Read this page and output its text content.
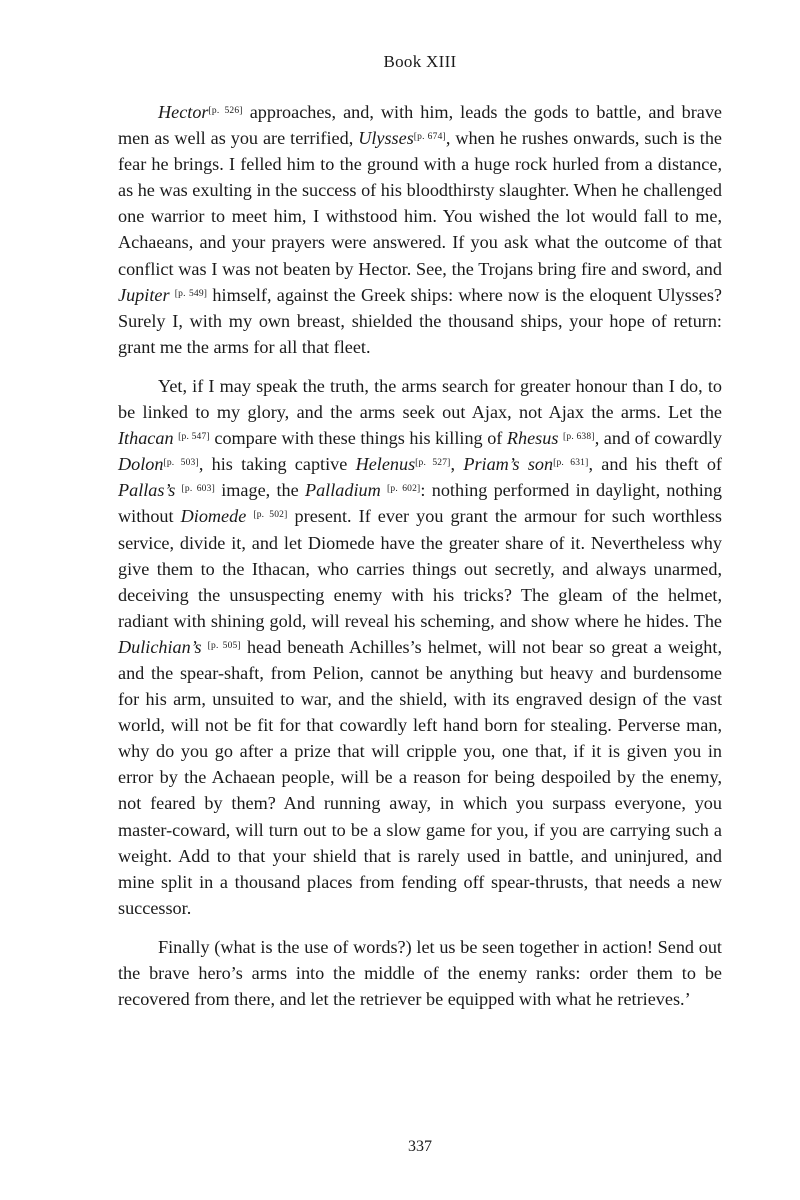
Book XIII

Hector[p. 526] approaches, and, with him, leads the gods to battle, and brave men as well as you are terrified, Ulysses[p. 674], when he rushes onwards, such is the fear he brings. I felled him to the ground with a huge rock hurled from a distance, as he was exulting in the success of his bloodthirsty slaughter. When he challenged one warrior to meet him, I withstood him. You wished the lot would fall to me, Achaeans, and your prayers were answered. If you ask what the outcome of that conflict was I was not beaten by Hector. See, the Trojans bring fire and sword, and Jupiter [p. 549] himself, against the Greek ships: where now is the eloquent Ulysses? Surely I, with my own breast, shielded the thousand ships, your hope of return: grant me the arms for all that fleet.

Yet, if I may speak the truth, the arms search for greater honour than I do, to be linked to my glory, and the arms seek out Ajax, not Ajax the arms. Let the Ithacan [p. 547] compare with these things his killing of Rhesus [p. 638], and of cowardly Dolon[p. 503], his taking captive Helenus[p. 527], Priam’s son[p. 631], and his theft of Pallas’s [p. 603] image, the Palladium [p. 602]: nothing performed in daylight, nothing without Diomede [p. 502] present. If ever you grant the armour for such worthless service, divide it, and let Diomede have the greater share of it. Nevertheless why give them to the Ithacan, who carries things out secretly, and always unarmed, deceiving the unsuspecting enemy with his tricks? The gleam of the helmet, radiant with shining gold, will reveal his scheming, and show where he hides. The Dulichian’s [p. 505] head beneath Achilles’s helmet, will not bear so great a weight, and the spear-shaft, from Pelion, cannot be anything but heavy and burdensome for his arm, unsuited to war, and the shield, with its engraved design of the vast world, will not be fit for that cowardly left hand born for stealing. Perverse man, why do you go after a prize that will cripple you, one that, if it is given you in error by the Achaean people, will be a reason for being despoiled by the enemy, not feared by them? And running away, in which you surpass everyone, you master-coward, will turn out to be a slow game for you, if you are carrying such a weight. Add to that your shield that is rarely used in battle, and uninjured, and mine split in a thousand places from fending off spear-thrusts, that needs a new successor.

Finally (what is the use of words?) let us be seen together in action! Send out the brave hero’s arms into the middle of the enemy ranks: order them to be recovered from there, and let the retriever be equipped with what he retrieves.’

337
